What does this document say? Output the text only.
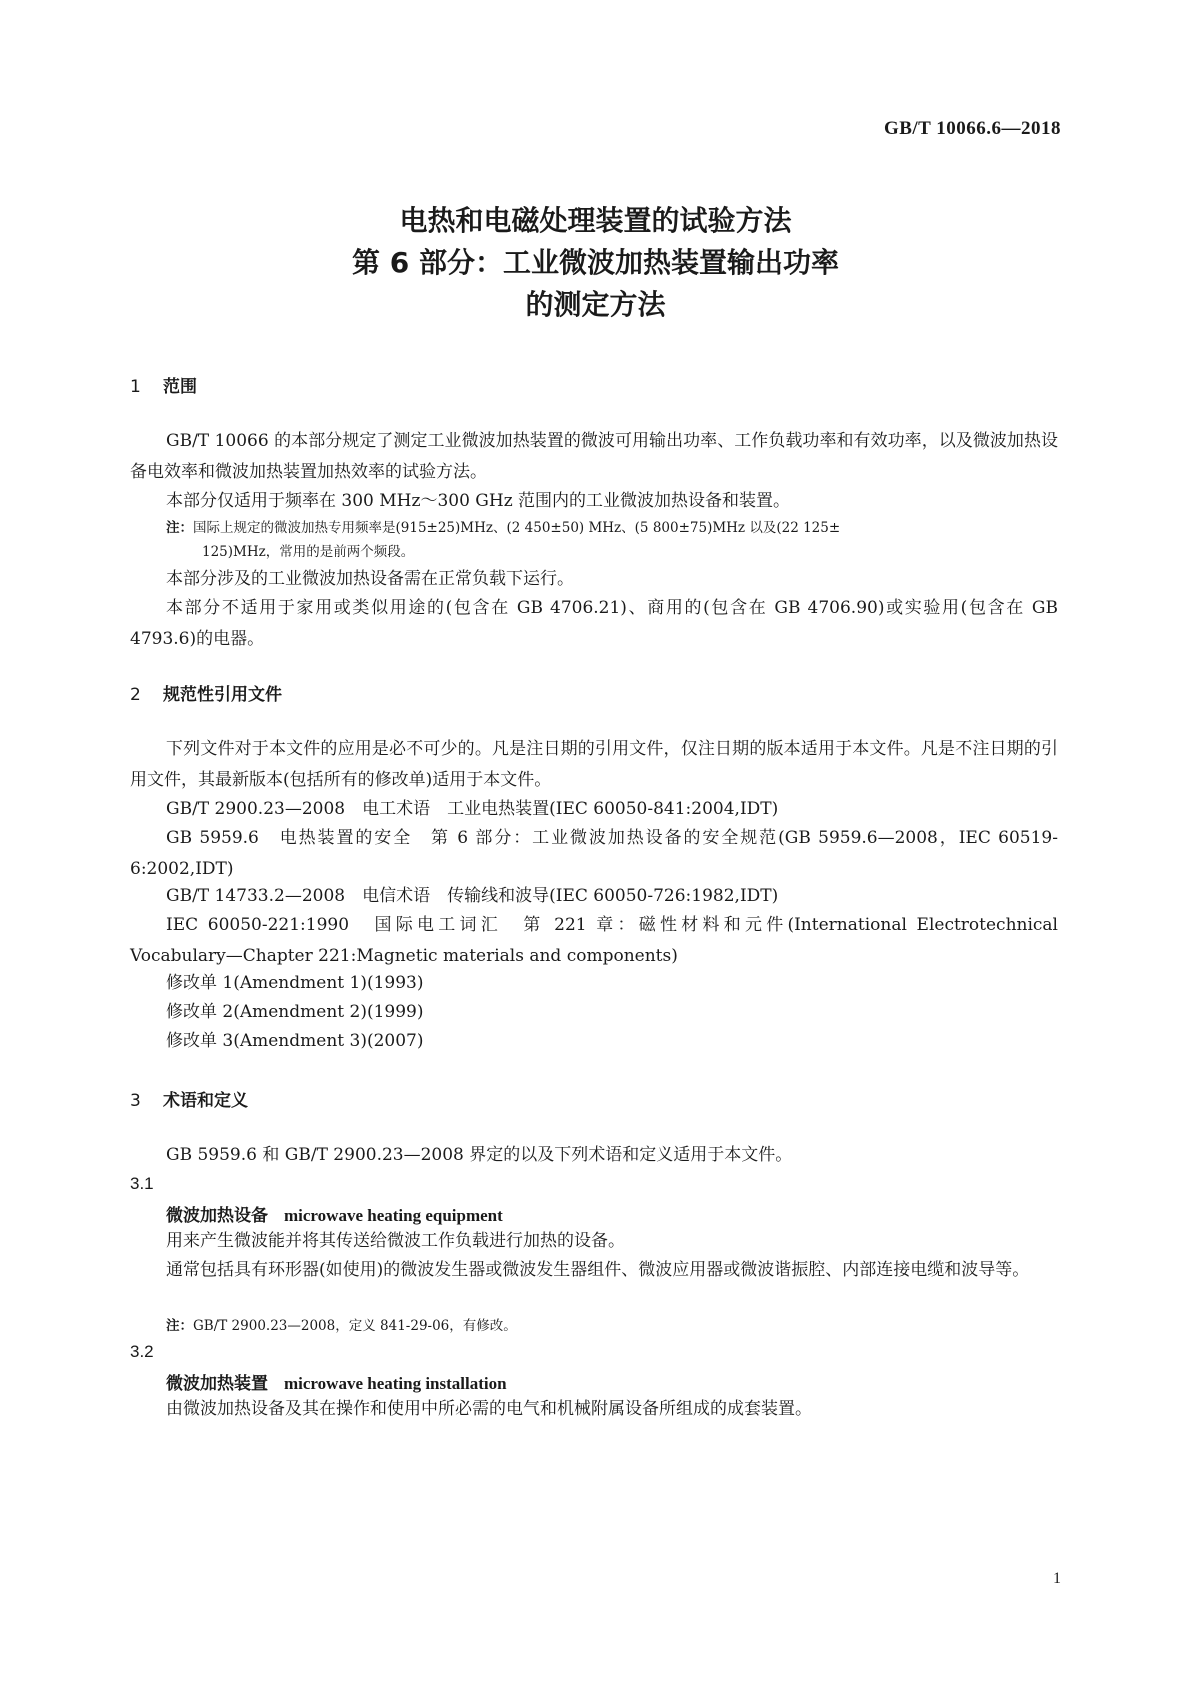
GB/T 10066.6—2018
电热和电磁处理装置的试验方法
第 6 部分：工业微波加热装置输出功率
的测定方法
1 范围
GB/T 10066 的本部分规定了测定工业微波加热装置的微波可用输出功率、工作负载功率和有效功率，以及微波加热设备电效率和微波加热装置加热效率的试验方法。
本部分仅适用于频率在 300 MHz～300 GHz 范围内的工业微波加热设备和装置。
注：国际上规定的微波加热专用频率是(915±25)MHz、(2 450±50) MHz、(5 800±75)MHz 以及(22 125±
125)MHz，常用的是前两个频段。
本部分涉及的工业微波加热设备需在正常负载下运行。
本部分不适用于家用或类似用途的(包含在 GB 4706.21)、商用的(包含在 GB 4706.90)或实验用(包含在 GB 4793.6)的电器。
2 规范性引用文件
下列文件对于本文件的应用是必不可少的。凡是注日期的引用文件，仅注日期的版本适用于本文件。凡是不注日期的引用文件，其最新版本(包括所有的修改单)适用于本文件。
GB/T 2900.23—2008　电工术语　工业电热装置(IEC 60050-841:2004,IDT)
GB 5959.6　电热装置的安全　第 6 部分：工业微波加热设备的安全规范(GB 5959.6—2008，IEC 60519-6:2002,IDT)
GB/T 14733.2—2008　电信术语　传输线和波导(IEC 60050-726:1982,IDT)
IEC 60050-221:1990　国际电工词汇　第 221 章：磁性材料和元件(International Electrotechnical Vocabulary—Chapter 221:Magnetic materials and components)
修改单 1(Amendment 1)(1993)
修改单 2(Amendment 2)(1999)
修改单 3(Amendment 3)(2007)
3 术语和定义
GB 5959.6 和 GB/T 2900.23—2008 界定的以及下列术语和定义适用于本文件。
3.1
微波加热设备 microwave heating equipment
用来产生微波能并将其传送给微波工作负载进行加热的设备。
通常包括具有环形器(如使用)的微波发生器或微波发生器组件、微波应用器或微波谐振腔、内部连接电缆和波导等。
注：GB/T 2900.23—2008，定义 841-29-06，有修改。
3.2
微波加热装置 microwave heating installation
由微波加热设备及其在操作和使用中所必需的电气和机械附属设备所组成的成套装置。
1
